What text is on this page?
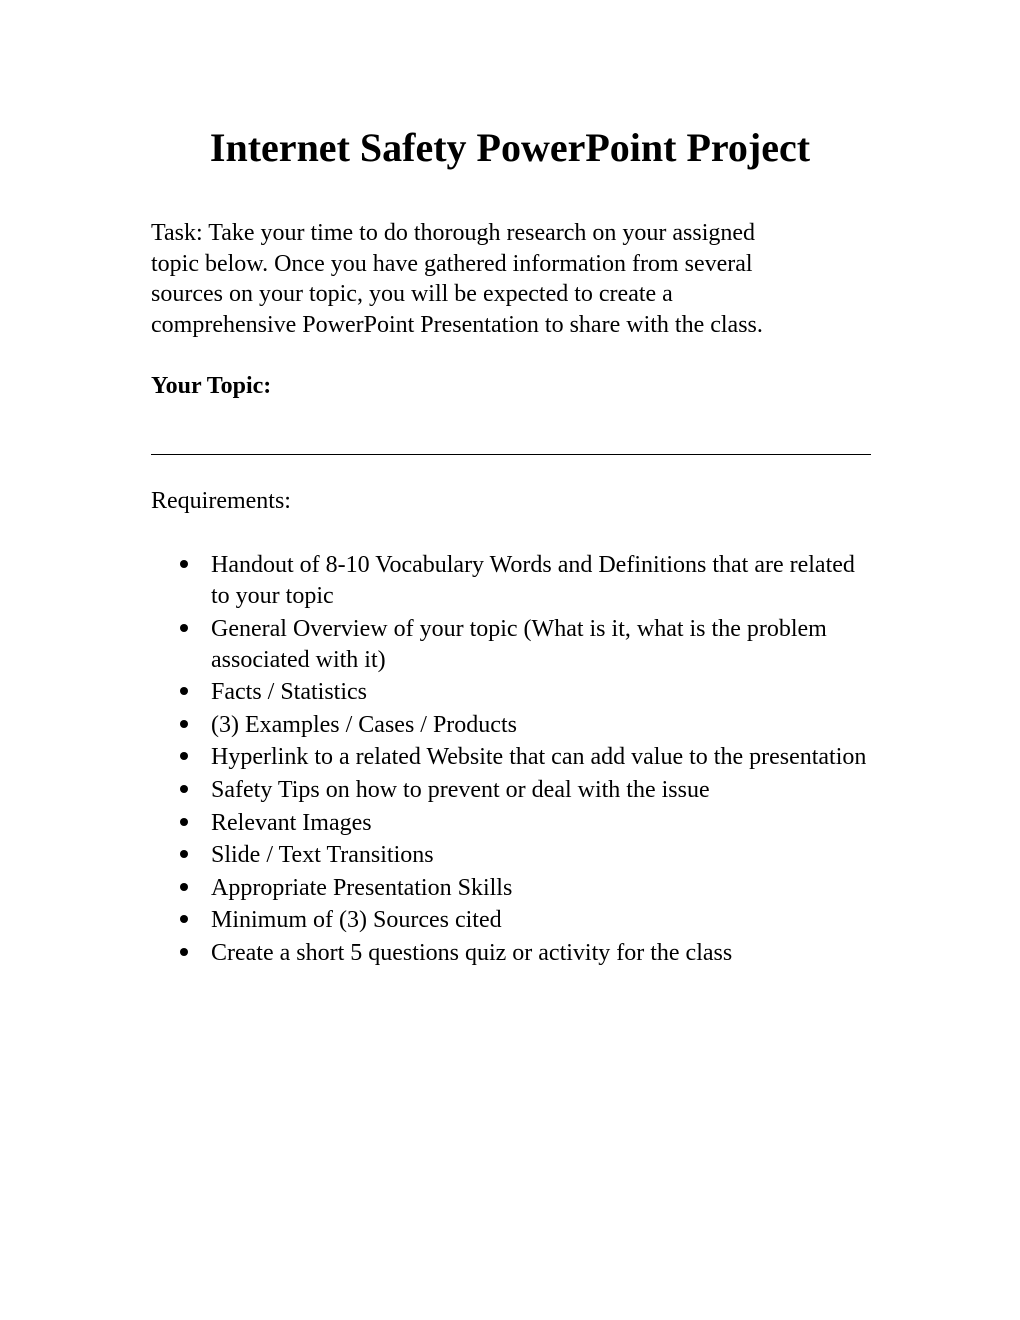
Internet Safety PowerPoint Project

Task: Take your time to do thorough research on your assigned
topic below. Once you have gathered information from several
sources on your topic, you will be expected to create a
comprehensive PowerPoint Presentation to share with the class.

Your Topic:

Requirements:

Handout of 8-10 Vocabulary Words and Definitions that are related to your topic
General Overview of your topic (What is it, what is the problem associated with it)
Facts / Statistics
(3) Examples / Cases / Products
Hyperlink to a related Website that can add value to the presentation
Safety Tips on how to prevent or deal with the issue
Relevant Images
Slide / Text Transitions
Appropriate Presentation Skills
Minimum of (3) Sources cited
Create a short 5 questions quiz or activity for the class
